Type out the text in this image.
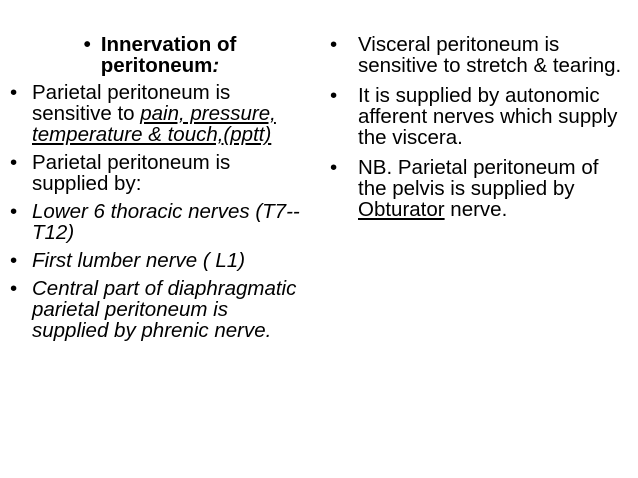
• Innervation of
peritoneum:
• Parietal peritoneum is sensitive to pain, pressure, temperature & touch,(pptt)
• Parietal peritoneum is supplied by:
• Lower 6 thoracic nerves (T7-- T12)
• First lumber nerve ( L1)
• Central part of diaphragmatic parietal peritoneum is supplied by phrenic nerve.
• Visceral peritoneum is sensitive to stretch & tearing.
• It is supplied by autonomic afferent nerves which supply the viscera.
• NB. Parietal peritoneum of the pelvis is supplied by Obturator nerve.
